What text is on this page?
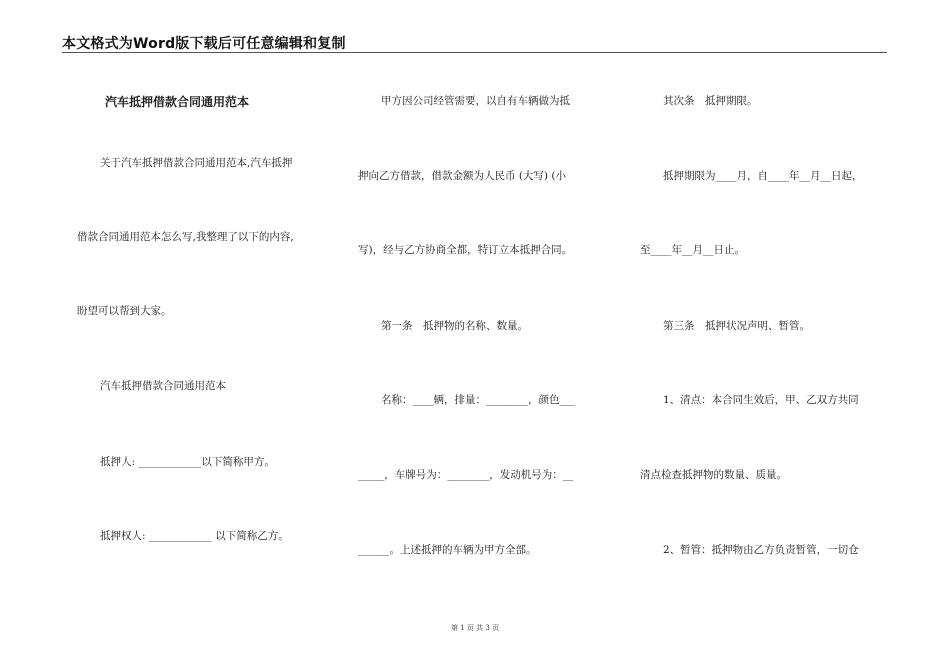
本文格式为Word版下载后可任意编辑和复制
汽车抵押借款合同通用范本
关于汽车抵押借款合同通用范本,汽车抵押
借款合同通用范本怎么写,我整理了以下的内容,
盼望可以帮到大家。
汽车抵押借款合同通用范本
抵押人: ____________以下简称甲方。
抵押权人: ____________ 以下简称乙方。
甲方因公司经管需要，以自有车辆做为抵
押向乙方借款，借款金额为人民币 (大写) (小
写)，经与乙方协商全都，特订立本抵押合同。
第一条　抵押物的名称、数量。
名称：____辆，排量：________，颜色___
_____，车牌号为：________，发动机号为：__
______。上述抵押的车辆为甲方全部。
其次条　抵押期限。
抵押期限为____月，自____年__月__日起，
至____年__月__日止。
第三条　抵押状况声明、暂管。
1、清点：本合同生效后，甲、乙双方共同
清点检查抵押物的数量、质量。
2、暂管：抵押物由乙方负责暂管，一切仓
第 1 页 共 3 页
